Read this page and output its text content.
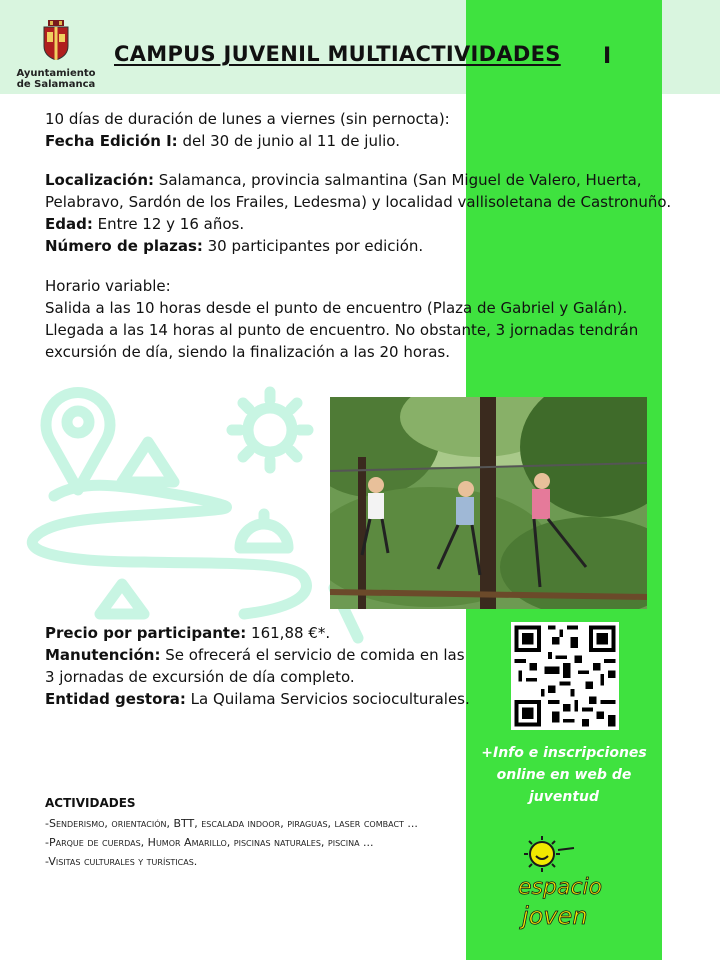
Ayuntamiento
de Salamanca
CAMPUS JUVENIL MULTIACTIVIDADES I
10 días de duración de lunes a viernes (sin pernocta):
Fecha Edición I: del 30 de junio al 11 de julio.
Localización: Salamanca, provincia salmantina (San Miguel de Valero, Huerta,
Pelabravo, Sardón de los Frailes, Ledesma) y localidad vallisoletana de Castronuño.
Edad: Entre 12 y 16 años.
Número de plazas: 30 participantes por edición.
Horario variable:
Salida a las 10 horas desde el punto de encuentro (Plaza de Gabriel y Galán).
Llegada a las 14 horas al punto de encuentro. No obstante, 3 jornadas tendrán
excursión de día, siendo la finalización a las 20 horas.
Precio por participante: 161,88 €*.
Manutención: Se ofrecerá el servicio de comida en las
3 jornadas de excursión de día completo.
Entidad gestora: La Quilama Servicios socioculturales.
+Info e inscripciones
online en web de
juventud
ACTIVIDADES
-Senderismo, orientación, BTT, escalada indoor, piraguas, laser combact ...
-Parque de cuerdas, Humor Amarillo, piscinas naturales, piscina ...
-Visitas culturales y turísticas.
espacio
joven
